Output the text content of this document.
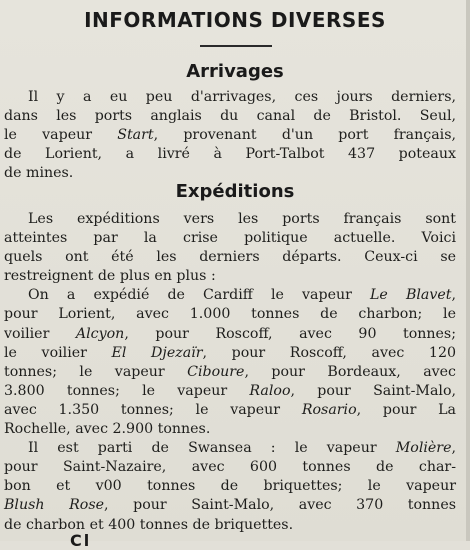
INFORMATIONS DIVERSES
Arrivages
Il y a eu peu d'arrivages, ces jours derniers,
dans les ports anglais du canal de Bristol. Seul,
le vapeur Start, provenant d'un port français,
de Lorient, a livré à Port-Talbot 437 poteaux
de mines.
Expéditions
Les expéditions vers les ports français sont
atteintes par la crise politique actuelle. Voici
quels ont été les derniers départs. Ceux-ci se
restreignent de plus en plus :
On a expédié de Cardiff le vapeur Le Blavet,
pour Lorient, avec 1.000 tonnes de charbon; le
voilier Alcyon, pour Roscoff, avec 90 tonnes;
le voilier El Djezaïr, pour Roscoff, avec 120
tonnes; le vapeur Ciboure, pour Bordeaux, avec
3.800 tonnes; le vapeur Raloo, pour Saint-Malo,
avec 1.350 tonnes; le vapeur Rosario, pour La
Rochelle, avec 2.900 tonnes.
Il est parti de Swansea : le vapeur Molière,
pour Saint-Nazaire, avec 600 tonnes de char-
bon et v00 tonnes de briquettes; le vapeur
Blush Rose, pour Saint-Malo, avec 370 tonnes
de charbon et 400 tonnes de briquettes.
Cl
